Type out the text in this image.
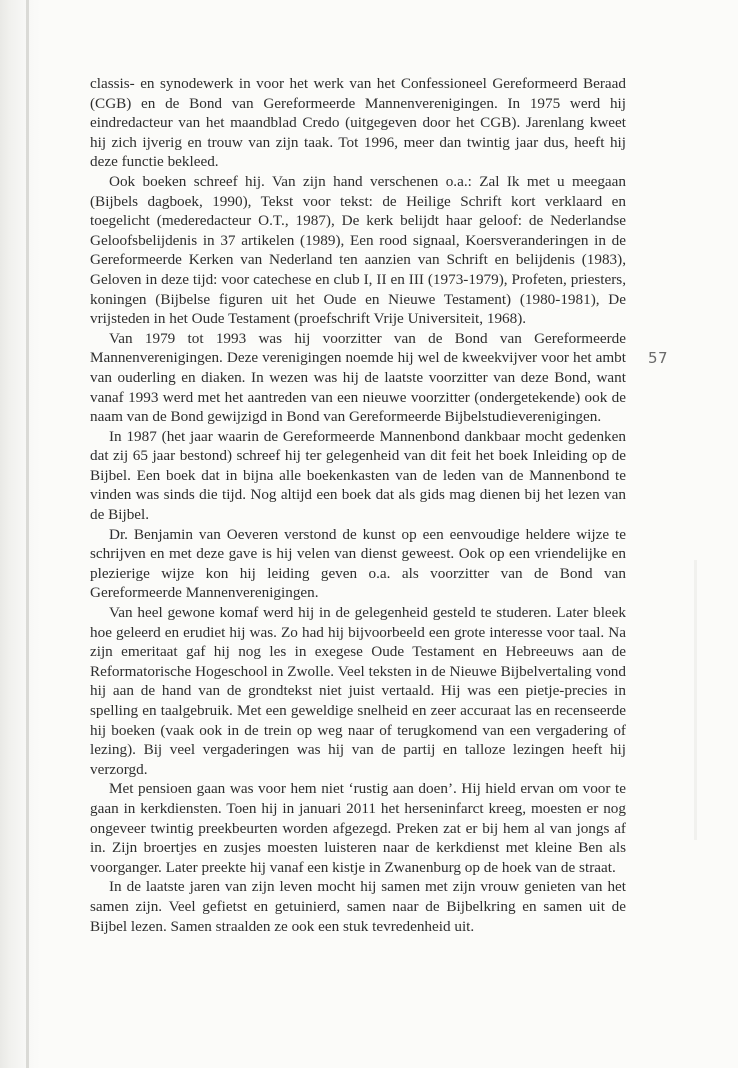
57

classis- en synodewerk in voor het werk van het Confessioneel Gereformeerd Beraad (CGB) en de Bond van Gereformeerde Mannenverenigingen. In 1975 werd hij eindredacteur van het maandblad Credo (uitgegeven door het CGB). Jarenlang kweet hij zich ijverig en trouw van zijn taak. Tot 1996, meer dan twintig jaar dus, heeft hij deze functie bekleed.

Ook boeken schreef hij. Van zijn hand verschenen o.a.: Zal Ik met u meegaan (Bijbels dagboek, 1990), Tekst voor tekst: de Heilige Schrift kort verklaard en toegelicht (mederedacteur O.T., 1987), De kerk belijdt haar geloof: de Nederlandse Geloofsbelijdenis in 37 artikelen (1989), Een rood signaal, Koersveranderingen in de Gereformeerde Kerken van Nederland ten aanzien van Schrift en belijdenis (1983), Geloven in deze tijd: voor catechese en club I, II en III (1973-1979), Profeten, priesters, koningen (Bijbelse figuren uit het Oude en Nieuwe Testament) (1980-1981), De vrijsteden in het Oude Testament (proefschrift Vrije Universiteit, 1968).

Van 1979 tot 1993 was hij voorzitter van de Bond van Gereformeerde Mannenverenigingen. Deze verenigingen noemde hij wel de kweekvijver voor het ambt van ouderling en diaken. In wezen was hij de laatste voorzitter van deze Bond, want vanaf 1993 werd met het aantreden van een nieuwe voorzitter (ondergetekende) ook de naam van de Bond gewijzigd in Bond van Gereformeerde Bijbelstudieverenigingen.

In 1987 (het jaar waarin de Gereformeerde Mannenbond dankbaar mocht gedenken dat zij 65 jaar bestond) schreef hij ter gelegenheid van dit feit het boek Inleiding op de Bijbel. Een boek dat in bijna alle boekenkasten van de leden van de Mannenbond te vinden was sinds die tijd. Nog altijd een boek dat als gids mag dienen bij het lezen van de Bijbel.

Dr. Benjamin van Oeveren verstond de kunst op een eenvoudige heldere wijze te schrijven en met deze gave is hij velen van dienst geweest. Ook op een vriendelijke en plezierige wijze kon hij leiding geven o.a. als voorzitter van de Bond van Gereformeerde Mannenverenigingen.

Van heel gewone komaf werd hij in de gelegenheid gesteld te studeren. Later bleek hoe geleerd en erudiet hij was. Zo had hij bijvoorbeeld een grote interesse voor taal. Na zijn emeritaat gaf hij nog les in exegese Oude Testament en Hebreeuws aan de Reformatorische Hogeschool in Zwolle. Veel teksten in de Nieuwe Bijbelvertaling vond hij aan de hand van de grondtekst niet juist vertaald. Hij was een pietje-precies in spelling en taalgebruik. Met een geweldige snelheid en zeer accuraat las en recenseerde hij boeken (vaak ook in de trein op weg naar of terugkomend van een vergadering of lezing). Bij veel vergaderingen was hij van de partij en talloze lezingen heeft hij verzorgd.

Met pensioen gaan was voor hem niet ‘rustig aan doen’. Hij hield ervan om voor te gaan in kerkdiensten. Toen hij in januari 2011 het herseninfarct kreeg, moesten er nog ongeveer twintig preekbeurten worden afgezegd. Preken zat er bij hem al van jongs af in. Zijn broertjes en zusjes moesten luisteren naar de kerkdienst met kleine Ben als voorganger. Later preekte hij vanaf een kistje in Zwanenburg op de hoek van de straat.

In de laatste jaren van zijn leven mocht hij samen met zijn vrouw genieten van het samen zijn. Veel gefietst en getuinierd, samen naar de Bijbelkring en samen uit de Bijbel lezen. Samen straalden ze ook een stuk tevredenheid uit.
